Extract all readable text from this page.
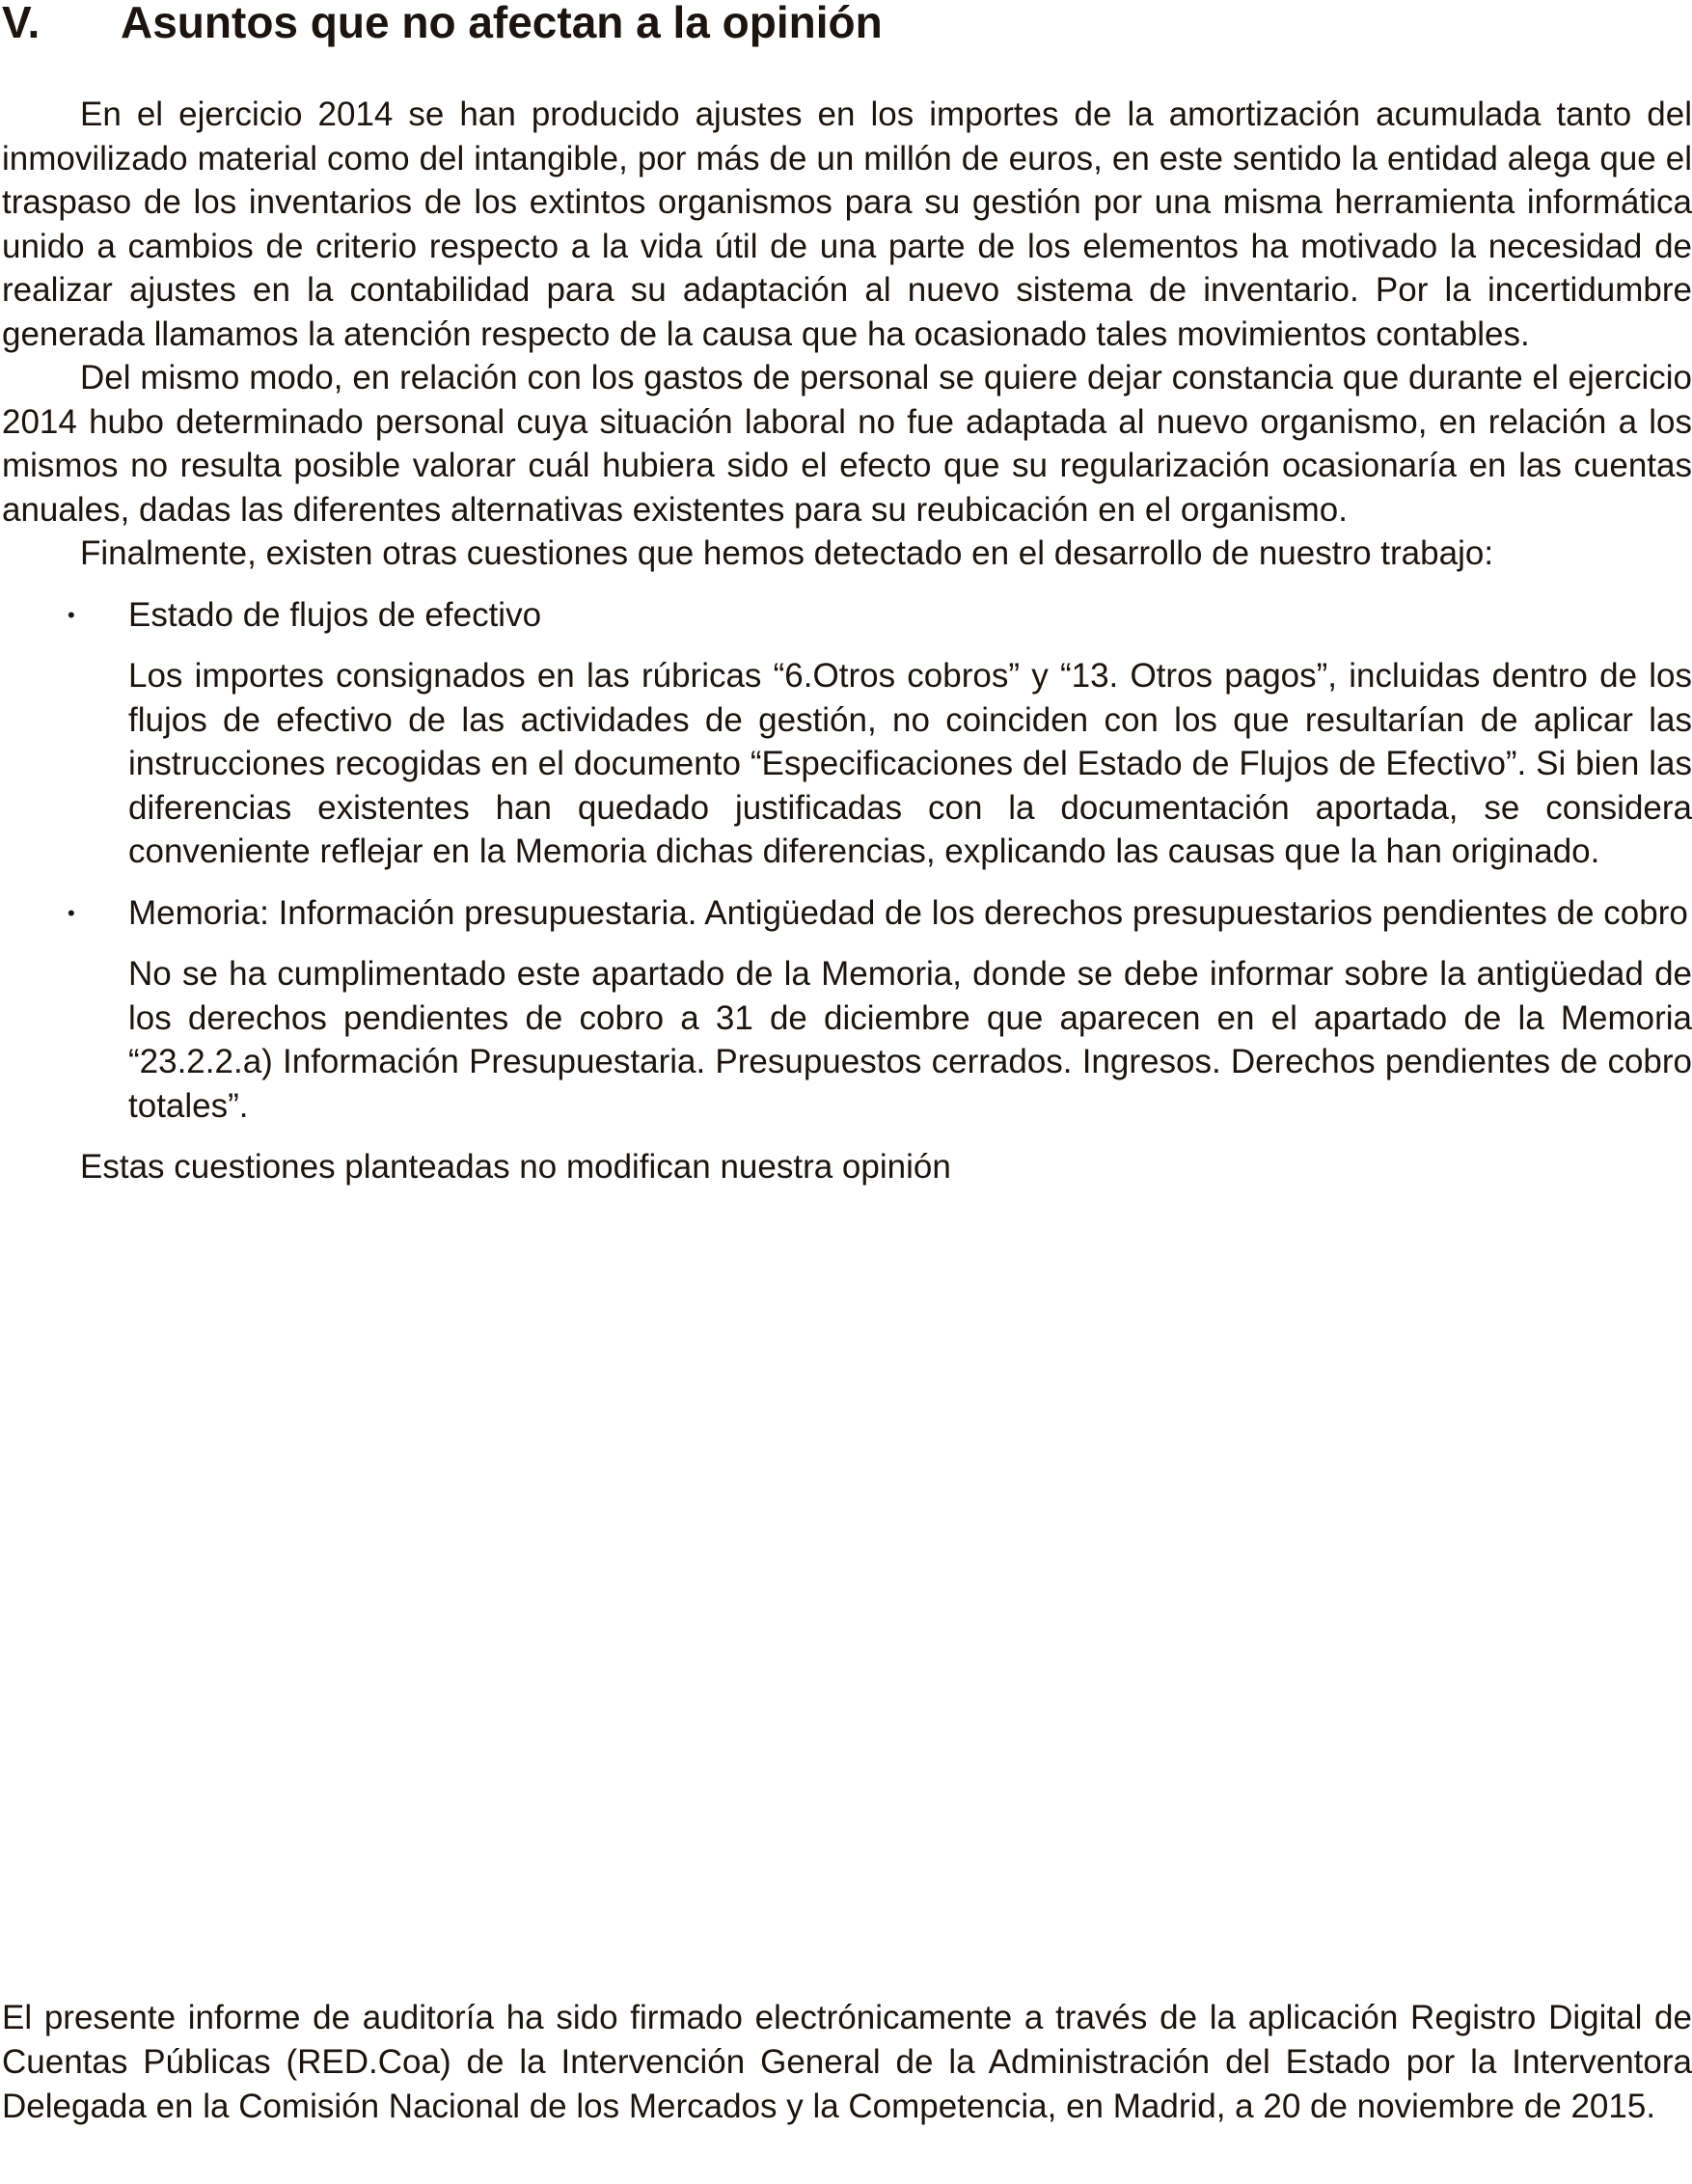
V. Asuntos que no afectan a la opinión

En el ejercicio 2014 se han producido ajustes en los importes de la amortización acumulada tanto del inmovilizado material como del intangible, por más de un millón de euros, en este sentido la entidad alega que el traspaso de los inventarios de los extintos organismos para su gestión por una misma herramienta informática unido a cambios de criterio respecto a la vida útil de una parte de los elementos ha motivado la necesidad de realizar ajustes en la contabilidad para su adaptación al nuevo sistema de inventario. Por la incertidumbre generada llamamos la atención respecto de la causa que ha ocasionado tales movimientos contables.

Del mismo modo, en relación con los gastos de personal se quiere dejar constancia que durante el ejercicio 2014 hubo determinado personal cuya situación laboral no fue adaptada al nuevo organismo, en relación a los mismos no resulta posible valorar cuál hubiera sido el efecto que su regularización ocasionaría en las cuentas anuales, dadas las diferentes alternativas existentes para su reubicación en el organismo.

Finalmente, existen otras cuestiones que hemos detectado en el desarrollo de nuestro trabajo:

• Estado de flujos de efectivo

Los importes consignados en las rúbricas “6.Otros cobros” y “13. Otros pagos”, incluidas dentro de los flujos de efectivo de las actividades de gestión, no coinciden con los que resultarían de aplicar las instrucciones recogidas en el documento “Especificaciones del Estado de Flujos de Efectivo”. Si bien las diferencias existentes han quedado justificadas con la documentación aportada, se considera conveniente reflejar en la Memoria dichas diferencias, explicando las causas que la han originado.

• Memoria: Información presupuestaria. Antigüedad de los derechos presupuestarios pendientes de cobro

No se ha cumplimentado este apartado de la Memoria, donde se debe informar sobre la antigüedad de los derechos pendientes de cobro a 31 de diciembre que aparecen en el apartado de la Memoria “23.2.2.a) Información Presupuestaria. Presupuestos cerrados. Ingresos. Derechos pendientes de cobro totales”.

Estas cuestiones planteadas no modifican nuestra opinión

El presente informe de auditoría ha sido firmado electrónicamente a través de la aplicación Registro Digital de Cuentas Públicas (RED.Coa) de la Intervención General de la Administración del Estado por la Interventora Delegada en la Comisión Nacional de los Mercados y la Competencia, en Madrid, a 20 de noviembre de 2015.
